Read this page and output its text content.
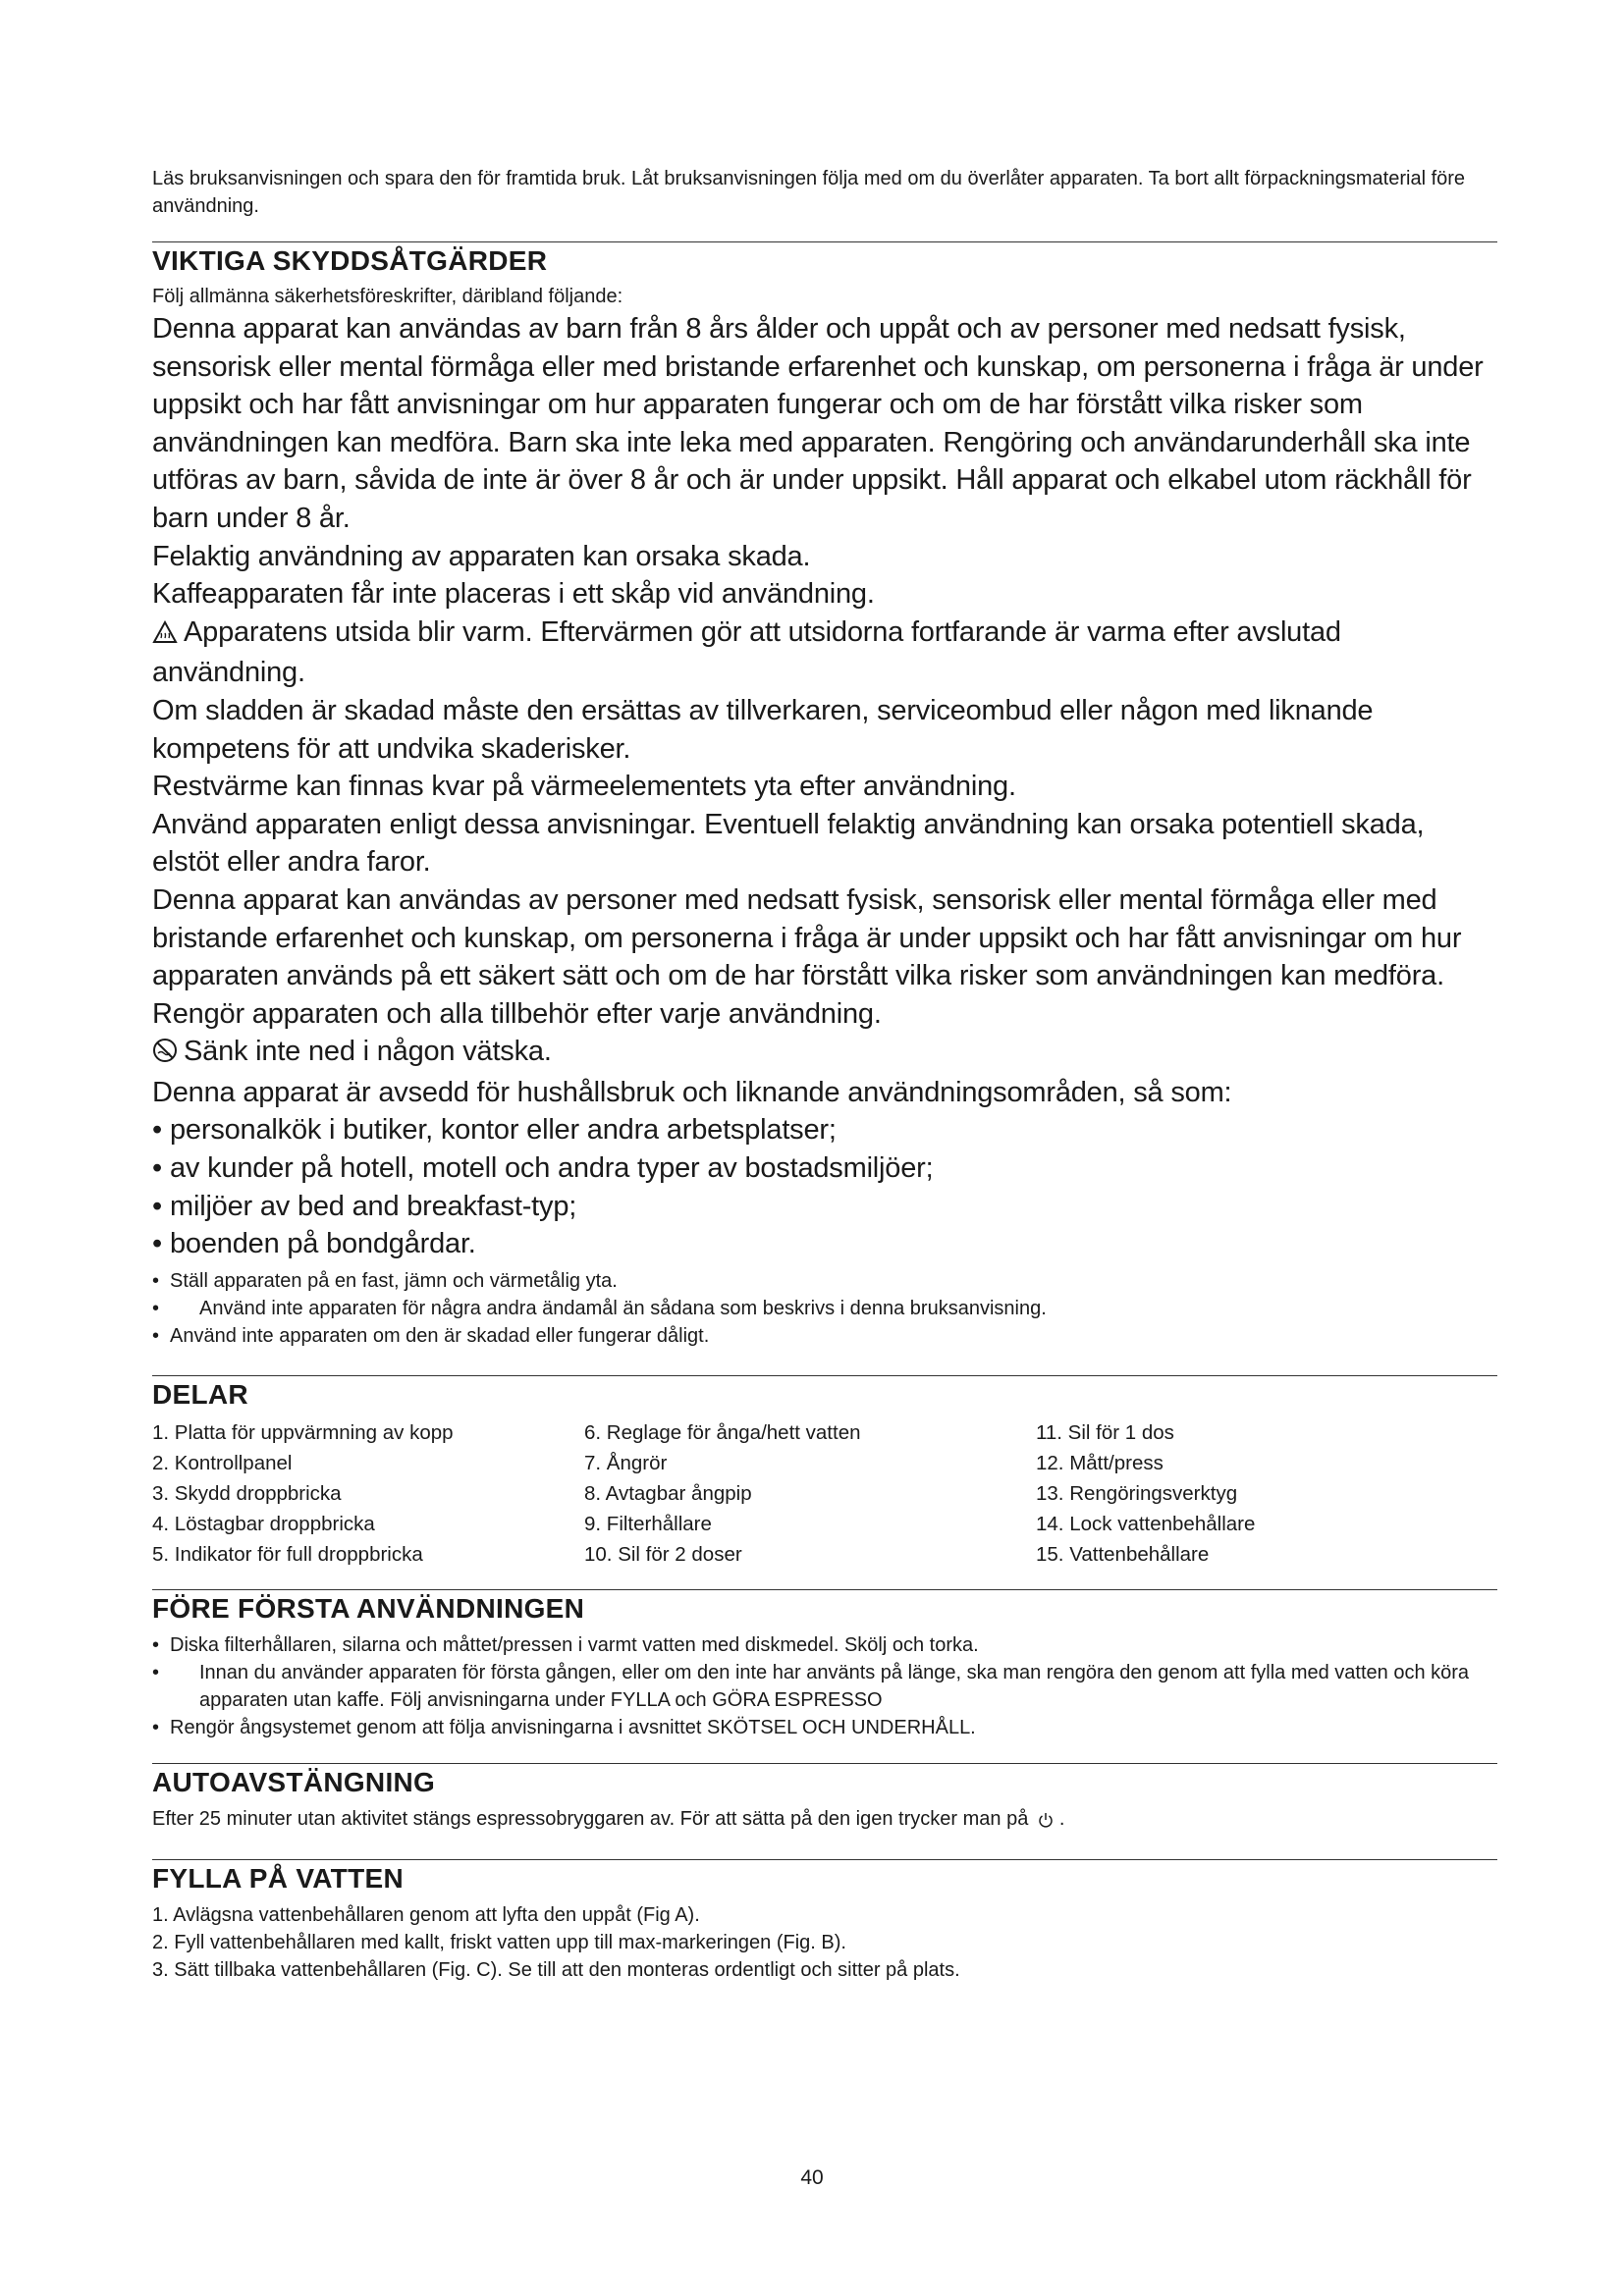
Läs bruksanvisningen och spara den för framtida bruk. Låt bruksanvisningen följa med om du överlåter apparaten. Ta bort allt förpackningsmaterial före användning.

VIKTIGA SKYDDSÅTGÄRDER

Följ allmänna säkerhetsföreskrifter, däribland följande:

Denna apparat kan användas av barn från 8 års ålder och uppåt och av personer med nedsatt fysisk, sensorisk eller mental förmåga eller med bristande erfarenhet och kunskap, om personerna i fråga är under uppsikt och har fått anvisningar om hur apparaten fungerar och om de har förstått vilka risker som användningen kan medföra. Barn ska inte leka med apparaten. Rengöring och användarunderhåll ska inte utföras av barn, såvida de inte är över 8 år och är under uppsikt. Håll apparat och elkabel utom räckhåll för barn under 8 år.

Felaktig användning av apparaten kan orsaka skada.

Kaffeapparaten får inte placeras i ett skåp vid användning.

Apparatens utsida blir varm. Eftervärmen gör att utsidorna fortfarande är varma efter avslutad användning.

Om sladden är skadad måste den ersättas av tillverkaren, serviceombud eller någon med liknande kompetens för att undvika skaderisker.

Restvärme kan finnas kvar på värmeelementets yta efter användning.

Använd apparaten enligt dessa anvisningar. Eventuell felaktig användning kan orsaka potentiell skada, elstöt eller andra faror.

Denna apparat kan användas av personer med nedsatt fysisk, sensorisk eller mental förmåga eller med bristande erfarenhet och kunskap, om personerna i fråga är under uppsikt och har fått anvisningar om hur apparaten används på ett säkert sätt och om de har förstått vilka risker som användningen kan medföra.

Rengör apparaten och alla tillbehör efter varje användning.

Sänk inte ned i någon vätska.

Denna apparat är avsedd för hushållsbruk och liknande användningsområden, så som:

• personalkök i butiker, kontor eller andra arbetsplatser;

• av kunder på hotell, motell och andra typer av bostadsmiljöer;

• miljöer av bed and breakfast-typ;

• boenden på bondgårdar.

• Ställ apparaten på en fast, jämn och värmetålig yta.

• Använd inte apparaten för några andra ändamål än sådana som beskrivs i denna bruksanvisning.

• Använd inte apparaten om den är skadad eller fungerar dåligt.

DELAR
1. Platta för uppvärmning av kopp
2. Kontrollpanel
3. Skydd droppbricka
4. Löstagbar droppbricka
5. Indikator för full droppbricka
6. Reglage för ånga/hett vatten
7. Ångrör
8. Avtagbar ångpip
9. Filterhållare
10. Sil för 2 doser
11. Sil för 1 dos
12. Mått/press
13. Rengöringsverktyg
14. Lock vattenbehållare
15. Vattenbehållare
FÖRE FÖRSTA ANVÄNDNINGEN

• Diska filterhållaren, silarna och måttet/pressen i varmt vatten med diskmedel. Skölj och torka.

• Innan du använder apparaten för första gången, eller om den inte har använts på länge, ska man rengöra den genom att fylla med vatten och köra apparaten utan kaffe. Följ anvisningarna under FYLLA och GÖRA ESPRESSO

• Rengör ångsystemet genom att följa anvisningarna i avsnittet SKÖTSEL OCH UNDERHÅLL.

AUTOAVSTÄNGNING

Efter 25 minuter utan aktivitet stängs espressobryggaren av. För att sätta på den igen trycker man på .

FYLLA PÅ VATTEN

1. Avlägsna vattenbehållaren genom att lyfta den uppåt (Fig A).

2. Fyll vattenbehållaren med kallt, friskt vatten upp till max-markeringen (Fig. B).

3. Sätt tillbaka vattenbehållaren (Fig. C). Se till att den monteras ordentligt och sitter på plats.

40
